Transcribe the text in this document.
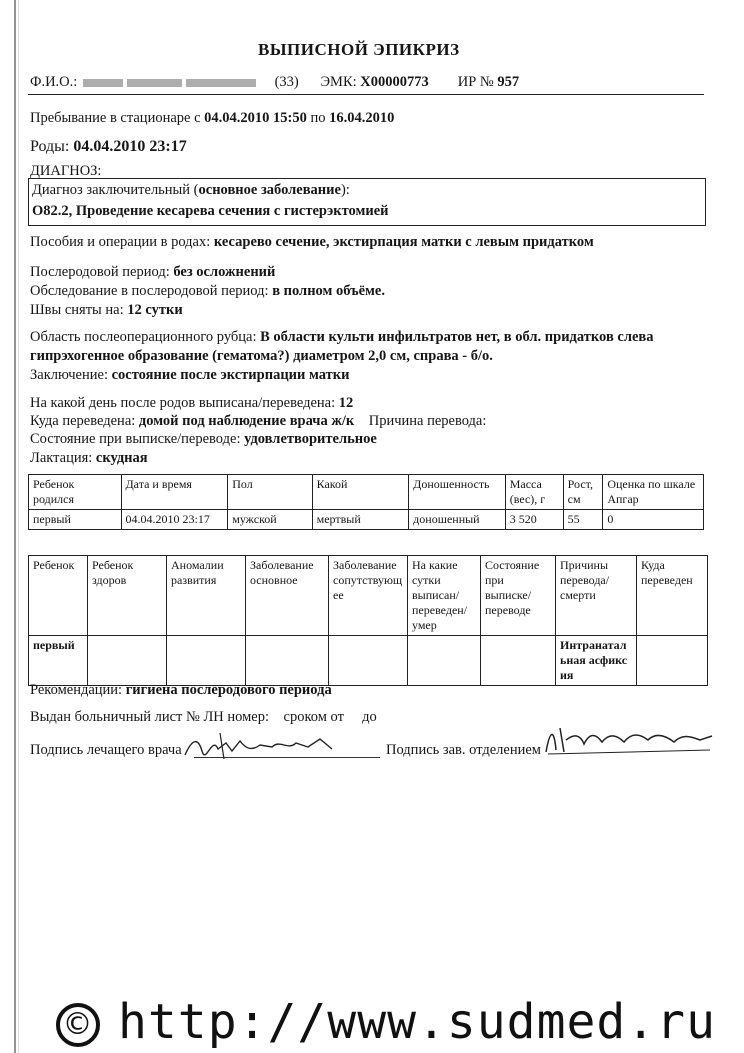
ВЫПИСНОЙ ЭПИКРИЗ
Ф.И.О.:	(33) ЭМК: Х00000773 ИР № 957
Пребывание в стационаре с 04.04.2010 15:50 по 16.04.2010
Роды: 04.04.2010 23:17
ДИАГНОЗ:
Диагноз заключительный (основное заболевание):
О82.2, Проведение кесарева сечения с гистерэктомией
Пособия и операции в родах: кесарево сечение, экстирпация матки с левым придатком
Послеродовой период: без осложнений
Обследование в послеродовой период: в полном объёме.
Швы сняты на: 12 сутки
Область послеоперационного рубца: В области культи инфильтратов нет, в обл. придатков слева
гипрэхогенное образование (гематома?) диаметром 2,0 см, справа - б/о.
Заключение: состояние после экстирпации матки
На какой день после родов выписана/переведена: 12
Куда переведена: домой под наблюдение врача ж/к Причина перевода:
Состояние при выписке/переводе: удовлетворительное
Лактация: скудная
Ребенок родился	Дата и время	Пол	Какой	Доношенность	Масса (вес), г	Рост, см	Оценка по шкале Апгар
первый	04.04.2010 23:17	мужской	мертвый	доношенный	3 520	55	0
Ребенок	Ребенок здоров	Аномалии развития	Заболевание основное	Заболевание сопутствующее	На какие сутки выписан/ переведен/ умер	Состояние при выписке/ переводе	Причины перевода/ смерти	Куда переведен
первый							Интранатальная асфиксия	
Рекомендации: гигиена послеродового периода
Выдан больничный лист № ЛН номер: сроком от до
Подпись лечащего врача	Подпись зав. отделением
© http://www.sudmed.ru
